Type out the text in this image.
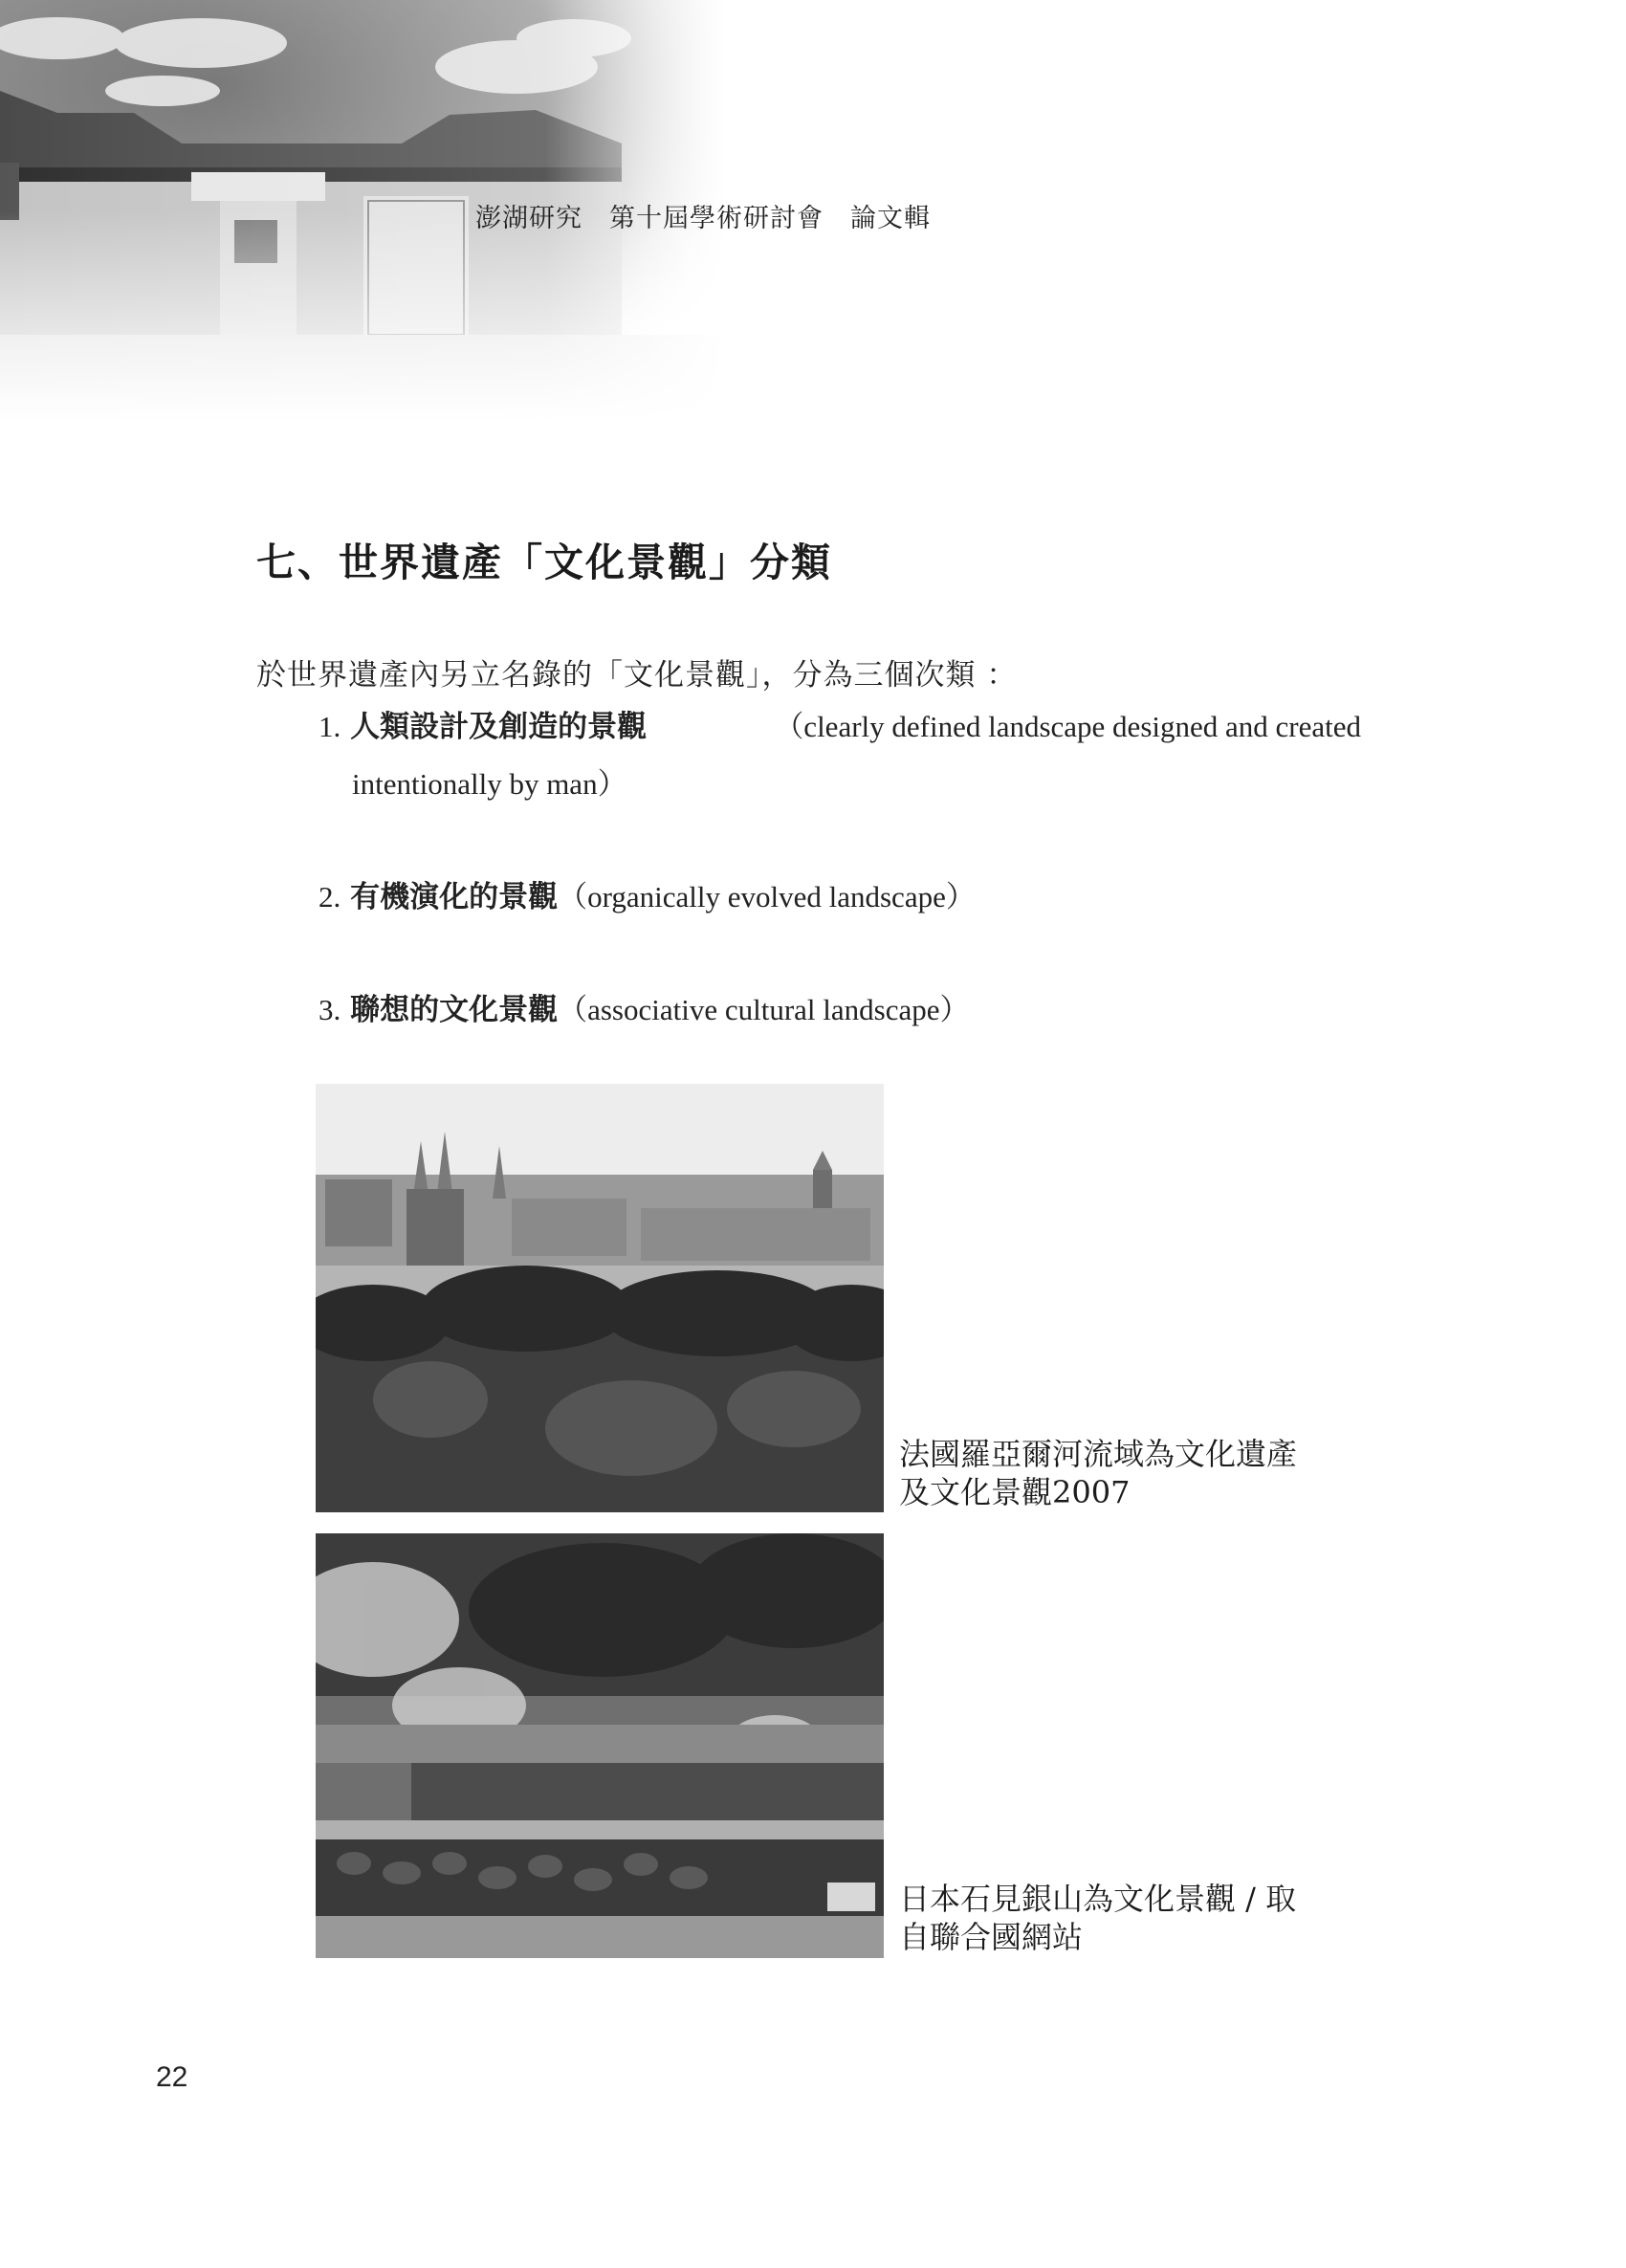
澎湖研究　第十屆學術研討會　論文輯
七、世界遺產「文化景觀」分類
於世界遺產內另立名錄的「文化景觀」，分為三個次類 ：
1. 人類設計及創造的景觀	（clearly defined landscape designed and created
intentionally by man）
2. 有機演化的景觀（organically evolved landscape）
3. 聯想的文化景觀（associative cultural landscape）
法國羅亞爾河流域為文化遺產
及文化景觀2007
日本石見銀山為文化景觀 / 取
自聯合國網站
22
